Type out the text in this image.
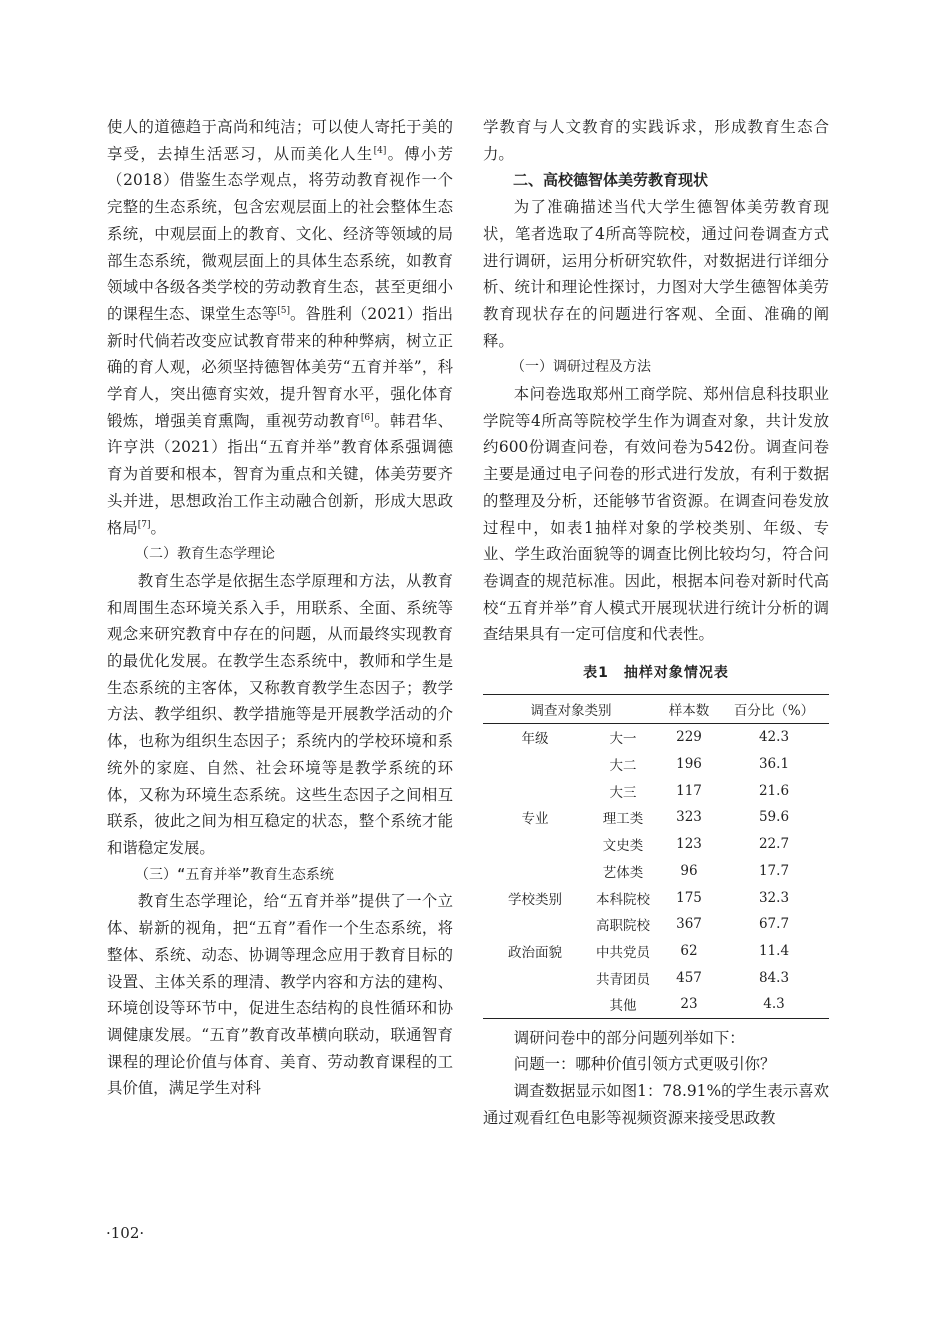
使人的道德趋于高尚和纯洁；可以使人寄托于美的享受，去掉生活恶习，从而美化人生[4]。傅小芳（2018）借鉴生态学观点，将劳动教育视作一个完整的生态系统，包含宏观层面上的社会整体生态系统，中观层面上的教育、文化、经济等领域的局部生态系统，微观层面上的具体生态系统，如教育领域中各级各类学校的劳动教育生态，甚至更细小的课程生态、课堂生态等[5]。昝胜利（2021）指出新时代倘若改变应试教育带来的种种弊病，树立正确的育人观，必须坚持德智体美劳“五育并举”，科学育人，突出德育实效，提升智育水平，强化体育锻炼，增强美育熏陶，重视劳动教育[6]。韩君华、许亨洪（2021）指出“五育并举”教育体系强调德育为首要和根本，智育为重点和关键，体美劳要齐头并进，思想政治工作主动融合创新，形成大思政格局[7]。

（二）教育生态学理论

教育生态学是依据生态学原理和方法，从教育和周围生态环境关系入手，用联系、全面、系统等观念来研究教育中存在的问题，从而最终实现教育的最优化发展。在教学生态系统中，教师和学生是生态系统的主客体，又称教育教学生态因子；教学方法、教学组织、教学措施等是开展教学活动的介体，也称为组织生态因子；系统内的学校环境和系统外的家庭、自然、社会环境等是教学系统的环体，又称为环境生态系统。这些生态因子之间相互联系，彼此之间为相互稳定的状态，整个系统才能和谐稳定发展。

（三）“五育并举”教育生态系统

教育生态学理论，给“五育并举”提供了一个立体、崭新的视角，把“五育”看作一个生态系统，将整体、系统、动态、协调等理念应用于教育目标的设置、主体关系的理清、教学内容和方法的建构、环境创设等环节中，促进生态结构的良性循环和协调健康发展。“五育”教育改革横向联动，联通智育课程的理论价值与体育、美育、劳动教育课程的工具价值，满足学生对科

学教育与人文教育的实践诉求，形成教育生态合力。

二、高校德智体美劳教育现状

为了准确描述当代大学生德智体美劳教育现状，笔者选取了4所高等院校，通过问卷调查方式进行调研，运用分析研究软件，对数据进行详细分析、统计和理论性探讨，力图对大学生德智体美劳教育现状存在的问题进行客观、全面、准确的阐释。

（一）调研过程及方法

本问卷选取郑州工商学院、郑州信息科技职业学院等4所高等院校学生作为调查对象，共计发放约600份调查问卷，有效问卷为542份。调查问卷主要是通过电子问卷的形式进行发放，有利于数据的整理及分析，还能够节省资源。在调查问卷发放过程中，如表1抽样对象的学校类别、年级、专业、学生政治面貌等的调查比例比较均匀，符合问卷调查的规范标准。因此，根据本问卷对新时代高校“五育并举”育人模式开展现状进行统计分析的调查结果具有一定可信度和代表性。

表1　抽样对象情况表
调查对象类别		样本数	百分比（%）
年级	大一	229	42.3
	大二	196	36.1
	大三	117	21.6
专业	理工类	323	59.6
	文史类	123	22.7
	艺体类	96	17.7
学校类别	本科院校	175	32.3
	高职院校	367	67.7
政治面貌	中共党员	62	11.4
	共青团员	457	84.3
	其他	23	4.3

调研问卷中的部分问题列举如下：

问题一：哪种价值引领方式更吸引你？

调查数据显示如图1：78.91%的学生表示喜欢通过观看红色电影等视频资源来接受思政教

·102·
